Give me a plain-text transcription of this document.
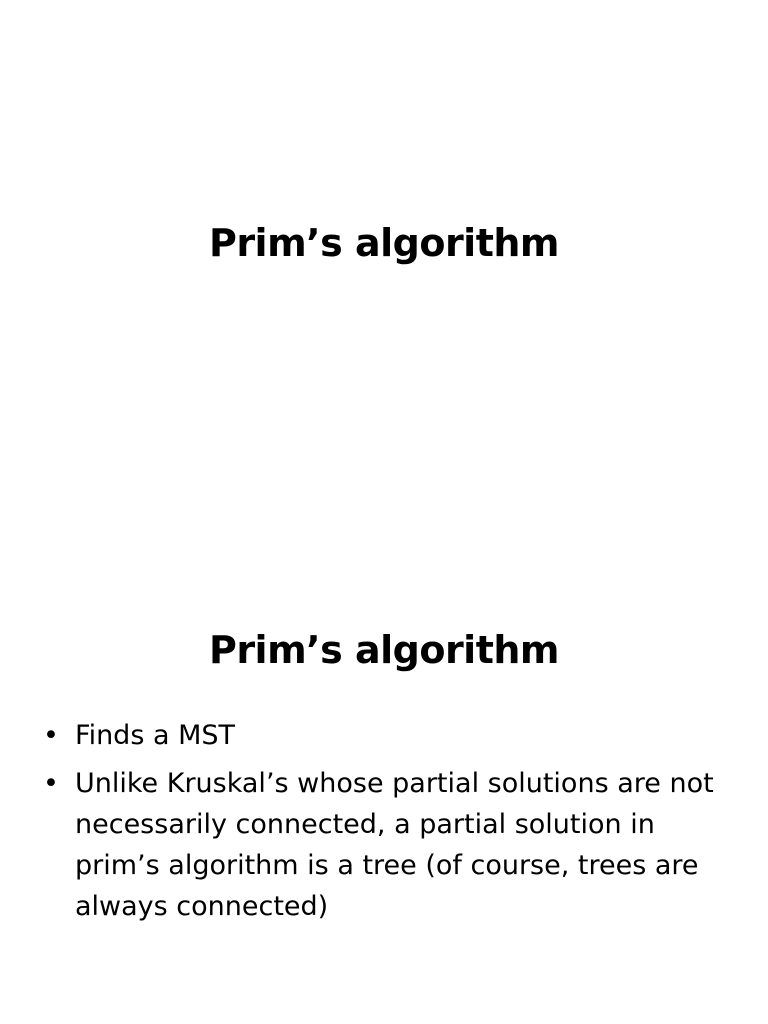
Prim’s algorithm
Prim’s algorithm
• Finds a MST
• Unlike Kruskal’s whose partial solutions are not necessarily connected, a partial solution in prim’s algorithm is a tree (of course, trees are always connected)
